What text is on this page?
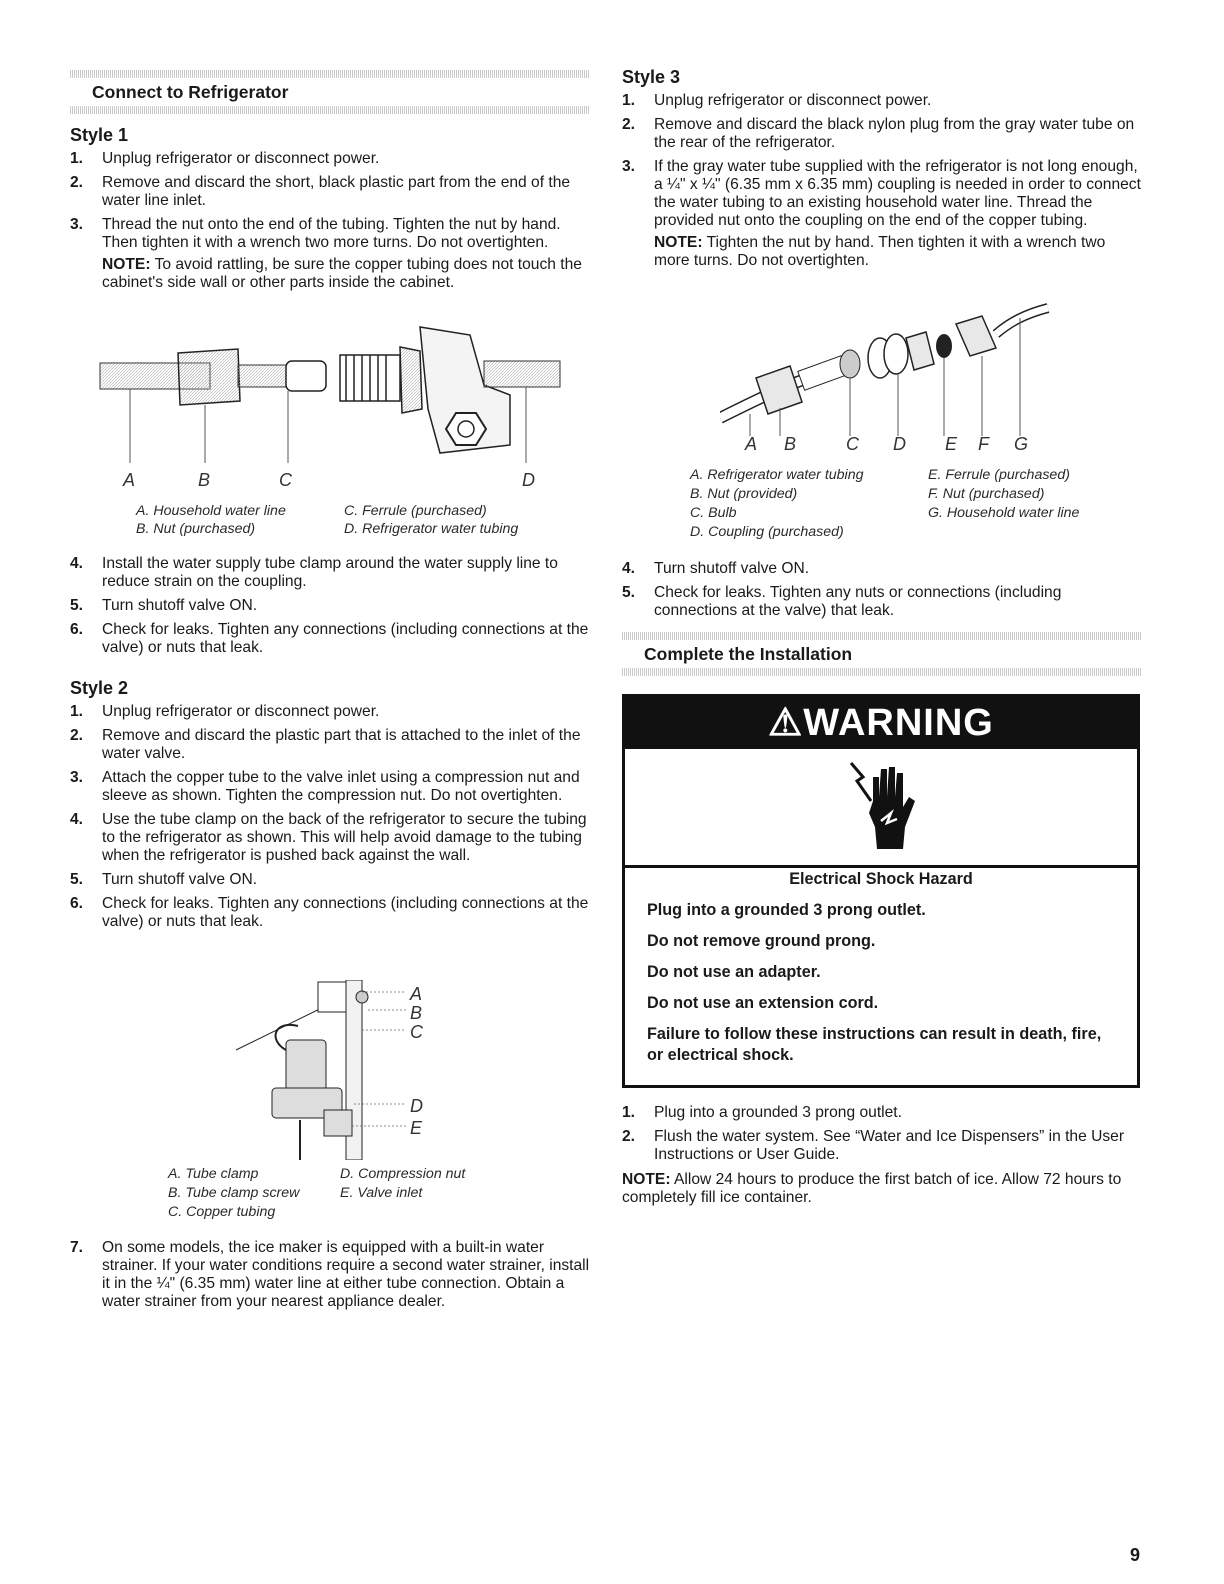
Connect to Refrigerator
Style 1
1. Unplug refrigerator or disconnect power.
2. Remove and discard the short, black plastic part from the end of the water line inlet.
3. Thread the nut onto the end of the tubing. Tighten the nut by hand. Then tighten it with a wrench two more turns. Do not overtighten.
NOTE: To avoid rattling, be sure the copper tubing does not touch the cabinet's side wall or other parts inside the cabinet.
A	B	C	D
A. Household water line
B. Nut (purchased)
C. Ferrule (purchased)
D. Refrigerator water tubing
4. Install the water supply tube clamp around the water supply line to reduce strain on the coupling.
5. Turn shutoff valve ON.
6. Check for leaks. Tighten any connections (including connections at the valve) or nuts that leak.
Style 2
1. Unplug refrigerator or disconnect power.
2. Remove and discard the plastic part that is attached to the inlet of the water valve.
3. Attach the copper tube to the valve inlet using a compression nut and sleeve as shown. Tighten the compression nut. Do not overtighten.
4. Use the tube clamp on the back of the refrigerator to secure the tubing to the refrigerator as shown. This will help avoid damage to the tubing when the refrigerator is pushed back against the wall.
5. Turn shutoff valve ON.
6. Check for leaks. Tighten any connections (including connections at the valve) or nuts that leak.
A
B
C
D
E
A. Tube clamp
B. Tube clamp screw
C. Copper tubing
D. Compression nut
E. Valve inlet
7. On some models, the ice maker is equipped with a built-in water strainer. If your water conditions require a second water strainer, install it in the ¼" (6.35 mm) water line at either tube connection. Obtain a water strainer from your nearest appliance dealer.
Style 3
1. Unplug refrigerator or disconnect power.
2. Remove and discard the black nylon plug from the gray water tube on the rear of the refrigerator.
3. If the gray water tube supplied with the refrigerator is not long enough, a ¼" x ¼" (6.35 mm x 6.35 mm) coupling is needed in order to connect the water tubing to an existing household water line. Thread the provided nut onto the coupling on the end of the copper tubing.
NOTE: Tighten the nut by hand. Then tighten it with a wrench two more turns. Do not overtighten.
A B	C D E F G
A. Refrigerator water tubing
B. Nut (provided)
C. Bulb
D. Coupling (purchased)
E. Ferrule (purchased)
F. Nut (purchased)
G. Household water line
4. Turn shutoff valve ON.
5. Check for leaks. Tighten any nuts or connections (including connections at the valve) that leak.
Complete the Installation
⚠WARNING
Electrical Shock Hazard

Plug into a grounded 3 prong outlet.

Do not remove ground prong.

Do not use an adapter.

Do not use an extension cord.

Failure to follow these instructions can result in death, fire, or electrical shock.

1. Plug into a grounded 3 prong outlet.
2. Flush the water system. See “Water and Ice Dispensers” in the User Instructions or User Guide.
NOTE: Allow 24 hours to produce the first batch of ice. Allow 72 hours to completely fill ice container.
9
